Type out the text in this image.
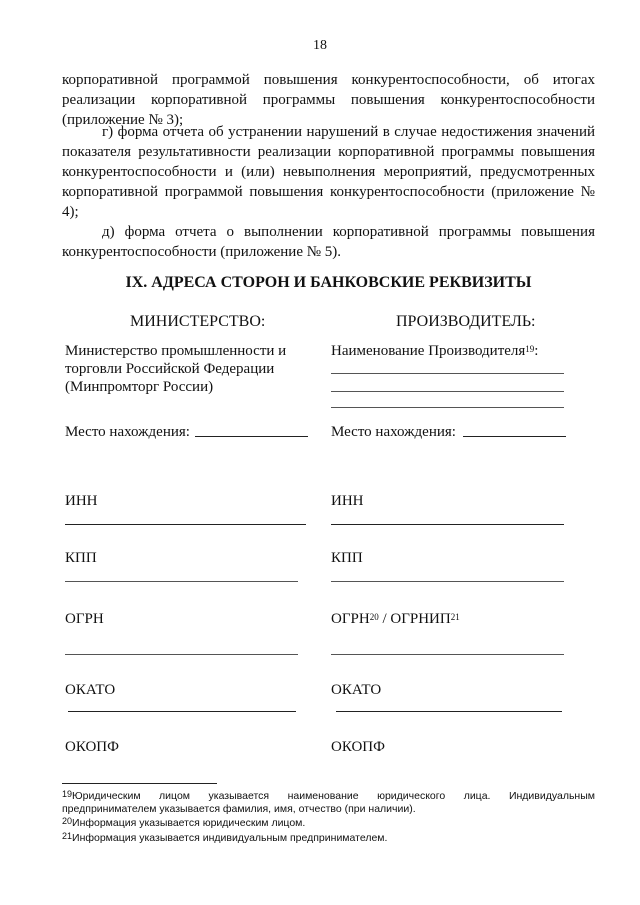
18
корпоративной программой повышения конкурентоспособности, об итогах реализации корпоративной программы повышения конкурентоспособности (приложение № 3);
г) форма отчета об устранении нарушений в случае недостижения значений показателя результативности реализации корпоративной программы повышения конкурентоспособности и (или) невыполнения мероприятий, предусмотренных корпоративной программой повышения конкурентоспособности (приложение № 4);
д) форма отчета о выполнении корпоративной программы повышения конкурентоспособности (приложение № 5).
IX. АДРЕСА СТОРОН И БАНКОВСКИЕ РЕКВИЗИТЫ
МИНИСТЕРСТВО:	ПРОИЗВОДИТЕЛЬ:
Министерство промышленности и
торговли Российской Федерации
(Минпромторг России)
Место нахождения:
ИНН
КПП
ОГРН
ОКАТО
ОКОПФ
Наименование Производителя$^{19}$:
Место нахождения:
ИНН
КПП
ОГРН$^{20}$ / ОГРНИП$^{21}$
ОКАТО
ОКОПФ
$^{19}$Юридическим лицом указывается наименование юридического лица. Индивидуальным предпринимателем указывается фамилия, имя, отчество (при наличии).
$^{20}$Информация указывается юридическим лицом.
$^{21}$Информация указывается индивидуальным предпринимателем.
